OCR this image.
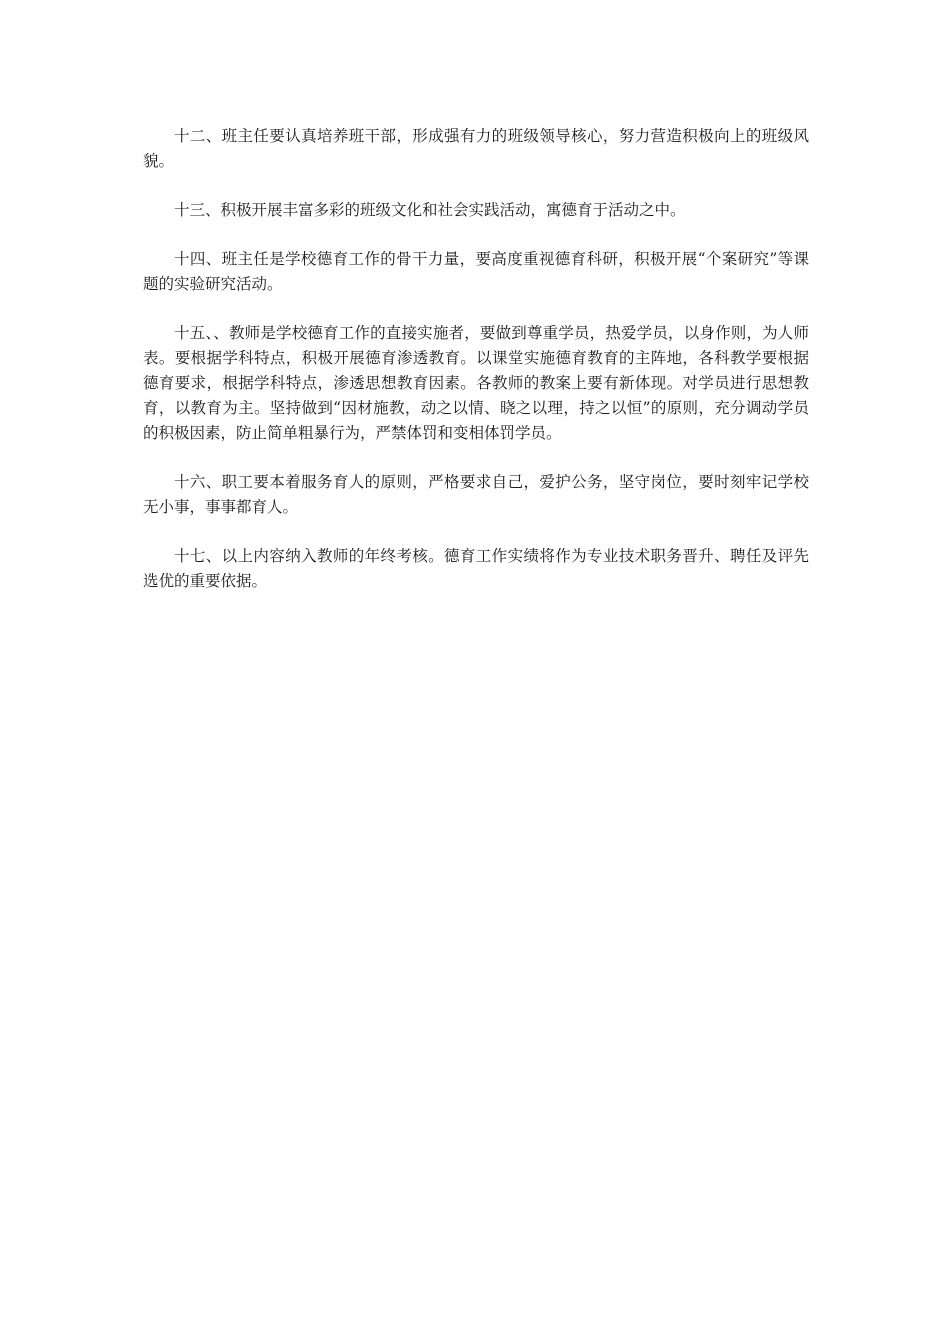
十二、班主任要认真培养班干部，形成强有力的班级领导核心，努力营造积极向上的班级风貌。

十三、积极开展丰富多彩的班级文化和社会实践活动，寓德育于活动之中。

十四、班主任是学校德育工作的骨干力量，要高度重视德育科研，积极开展“个案研究”等课题的实验研究活动。

十五、、教师是学校德育工作的直接实施者，要做到尊重学员，热爱学员，以身作则，为人师表。要根据学科特点，积极开展德育渗透教育。以课堂实施德育教育的主阵地，各科教学要根据德育要求，根据学科特点，渗透思想教育因素。各教师的教案上要有新体现。对学员进行思想教育，以教育为主。坚持做到“因材施教，动之以情、晓之以理，持之以恒”的原则，充分调动学员的积极因素，防止简单粗暴行为，严禁体罚和变相体罚学员。

十六、职工要本着服务育人的原则，严格要求自己，爱护公务，坚守岗位，要时刻牢记学校无小事，事事都育人。

十七、以上内容纳入教师的年终考核。德育工作实绩将作为专业技术职务晋升、聘任及评先选优的重要依据。
